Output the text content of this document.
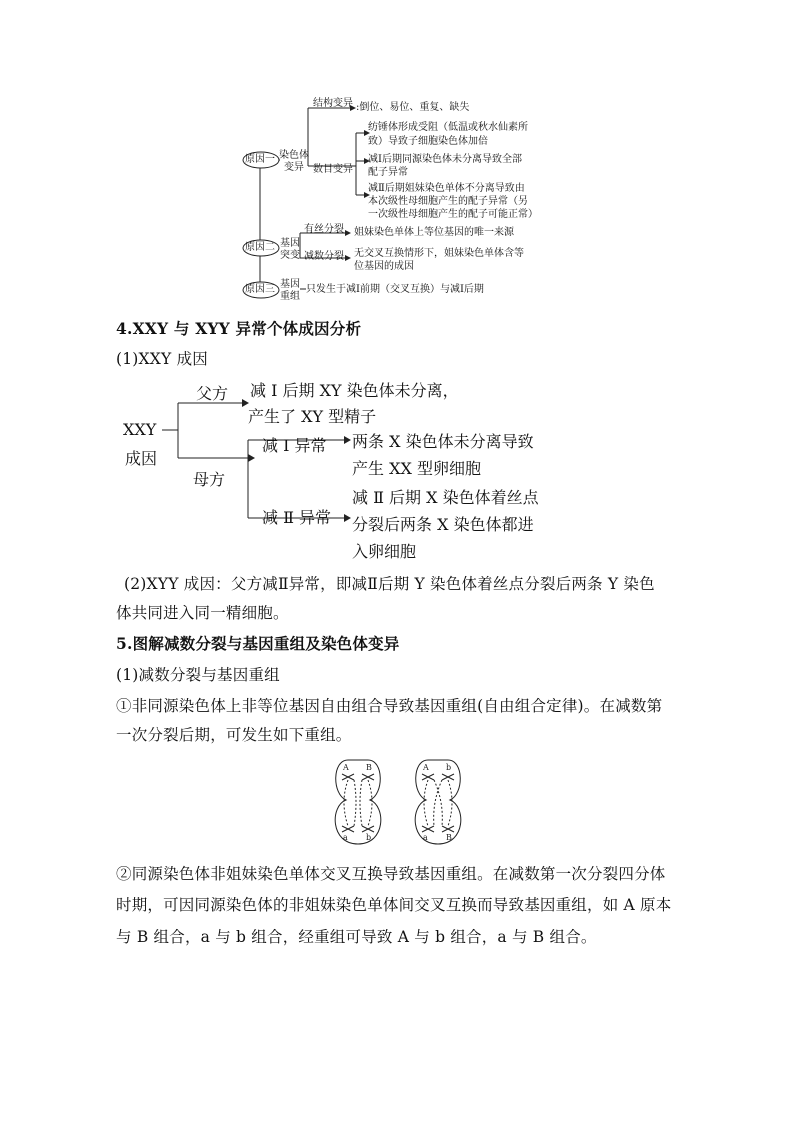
原因一 染色体
变异
结构变异 :倒位、易位、重复、缺失
数目变异
纺锤体形成受阻（低温或秋水仙素所
致）导致子细胞染色体加倍
减Ⅰ后期同源染色体未分离导致全部
配子异常
减Ⅱ后期姐妹染色单体不分离导致由
本次级性母细胞产生的配子异常（另
一次级性母细胞产生的配子可能正常）
原因二 基因
突变
有丝分裂 姐妹染色单体上等位基因的唯一来源
减数分裂 无交叉互换情形下，姐妹染色单体含等
位基因的成因
原因三 基因
重组
只发生于减Ⅰ前期（交叉互换）与减Ⅰ后期
4.XXY 与 XYY 异常个体成因分析
(1)XXY 成因
XXY
成因
父方 减 Ⅰ 后期 XY 染色体未分离，
产生了 XY 型精子
母方
减 Ⅰ 异常 两条 X 染色体未分离导致
产生 XX 型卵细胞
减 Ⅱ 异常
减 Ⅱ 后期 X 染色体着丝点
分裂后两条 X 染色体都进
入卵细胞
(2)XYY 成因：父方减Ⅱ异常，即减Ⅱ后期 Y 染色体着丝点分裂后两条 Y 染色
体共同进入同一精细胞。
5.图解减数分裂与基因重组及染色体变异
(1)减数分裂与基因重组
①非同源染色体上非等位基因自由组合导致基因重组(自由组合定律)。在减数第
一次分裂后期，可发生如下重组。
A B
a b
A b
a B
②同源染色体非姐妹染色单体交叉互换导致基因重组。在减数第一次分裂四分体
时期，可因同源染色体的非姐妹染色单体间交叉互换而导致基因重组，如 A 原本
与 B 组合，a 与 b 组合，经重组可导致 A 与 b 组合，a 与 B 组合。
